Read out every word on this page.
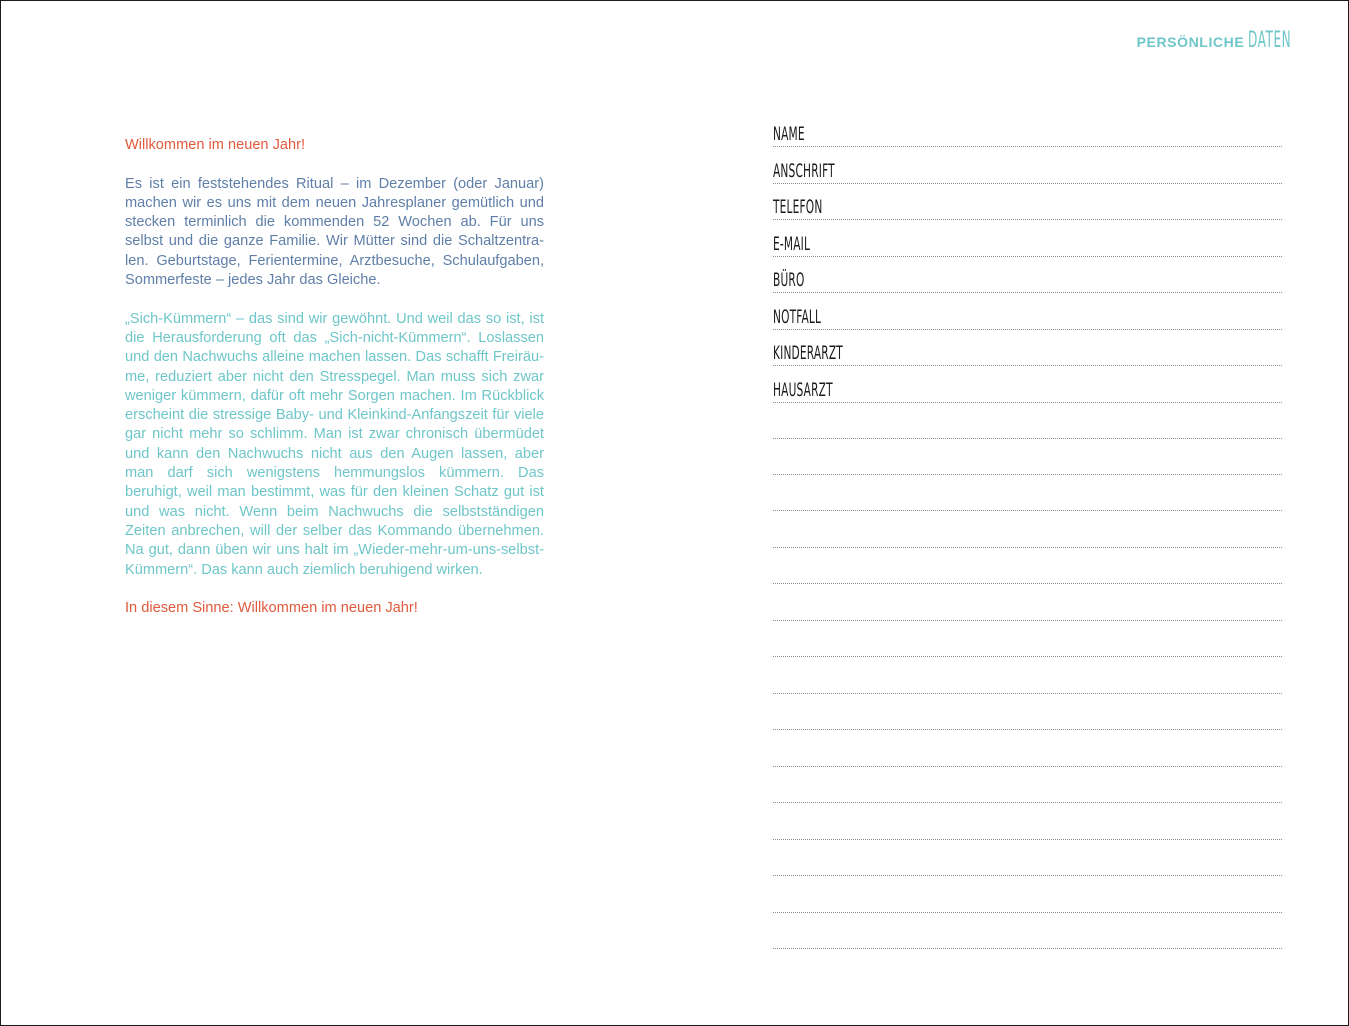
PERSÖNLICHE DATEN

Willkommen im neuen Jahr!

Es ist ein feststehendes Ritual – im Dezember (oder Januar) machen wir es uns mit dem neuen Jahresplaner gemütlich und stecken terminlich die kommenden 52 Wochen ab. Für uns selbst und die ganze Familie. Wir Mütter sind die Schaltzentralen. Geburtstage, Ferientermine, Arztbesuche, Schulaufgaben, Sommerfeste – jedes Jahr das Gleiche.

„Sich-Kümmern“ – das sind wir gewöhnt. Und weil das so ist, ist die Herausforderung oft das „Sich-nicht-Kümmern“. Loslassen und den Nachwuchs alleine machen lassen. Das schafft Freiräume, reduziert aber nicht den Stresspegel. Man muss sich zwar weniger kümmern, dafür oft mehr Sorgen machen. Im Rückblick erscheint die stressige Baby- und Kleinkind-Anfangszeit für viele gar nicht mehr so schlimm. Man ist zwar chronisch übermüdet und kann den Nachwuchs nicht aus den Augen lassen, aber man darf sich wenigstens hemmungslos kümmern. Das beruhigt, weil man bestimmt, was für den kleinen Schatz gut ist und was nicht. Wenn beim Nachwuchs die selbstständigen Zeiten anbrechen, will der selber das Kommando übernehmen. Na gut, dann üben wir uns halt im „Wieder-mehr-um-uns-selbst-Kümmern“. Das kann auch ziemlich beruhigend wirken.

In diesem Sinne: Willkommen im neuen Jahr!

NAME
ANSCHRIFT
TELEFON
E-MAIL
BÜRO
NOTFALL
KINDERARZT
HAUSARZT
